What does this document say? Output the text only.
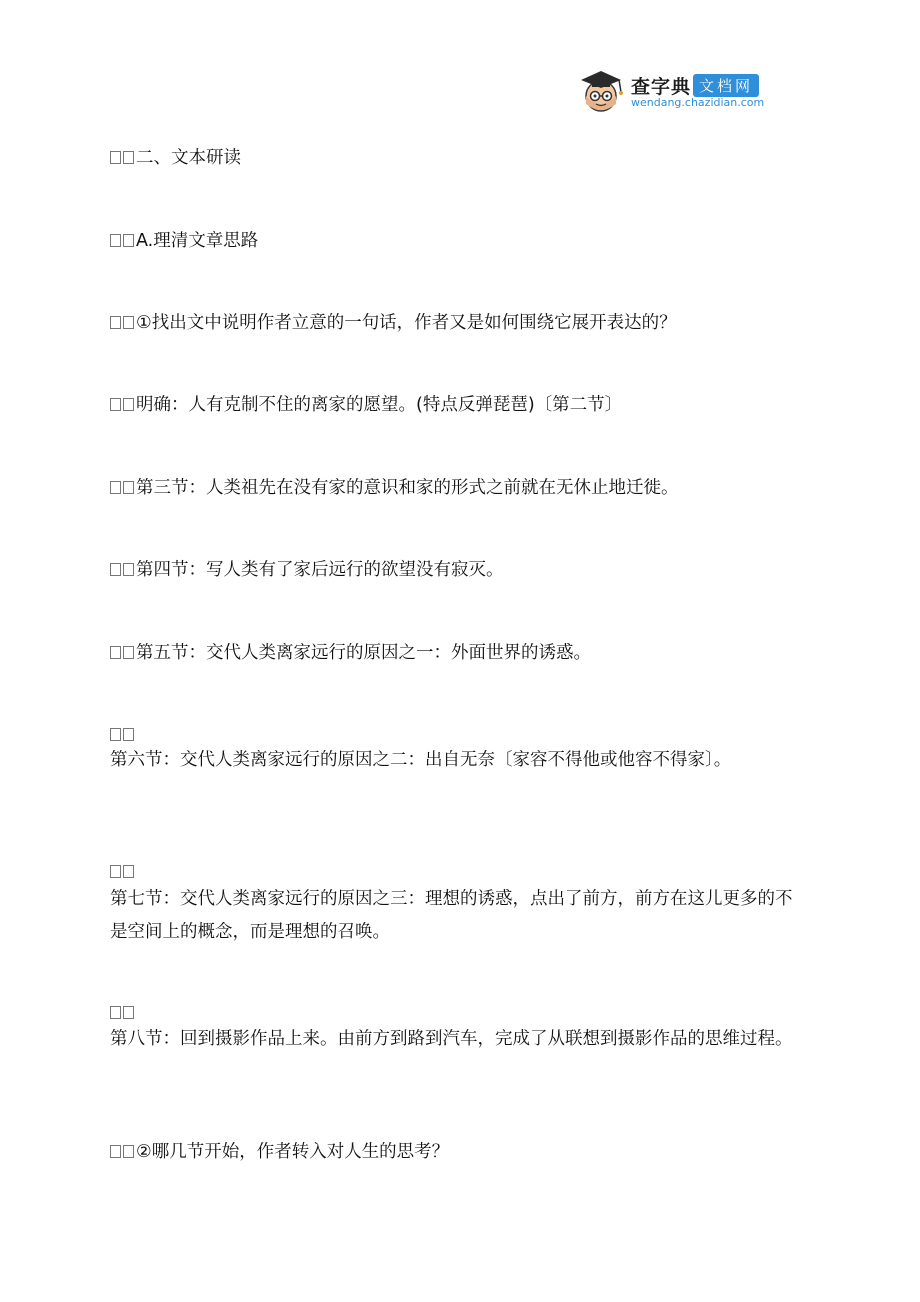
查字典 文档网
wendang.chazidian.com
二、文本研读
A.理清文章思路
①找出文中说明作者立意的一句话，作者又是如何围绕它展开表达的？
明确：人有克制不住的离家的愿望。(特点反弹琵琶)〔第二节〕
第三节：人类祖先在没有家的意识和家的形式之前就在无休止地迁徙。
第四节：写人类有了家后远行的欲望没有寂灭。
第五节：交代人类离家远行的原因之一：外面世界的诱惑。
第六节：交代人类离家远行的原因之二：出自无奈〔家容不得他或他容不得家〕。
第七节：交代人类离家远行的原因之三：理想的诱惑，点出了前方，前方在这儿更多的不是空间上的概念，而是理想的召唤。
第八节：回到摄影作品上来。由前方到路到汽车，完成了从联想到摄影作品的思维过程。
②哪几节开始，作者转入对人生的思考？
